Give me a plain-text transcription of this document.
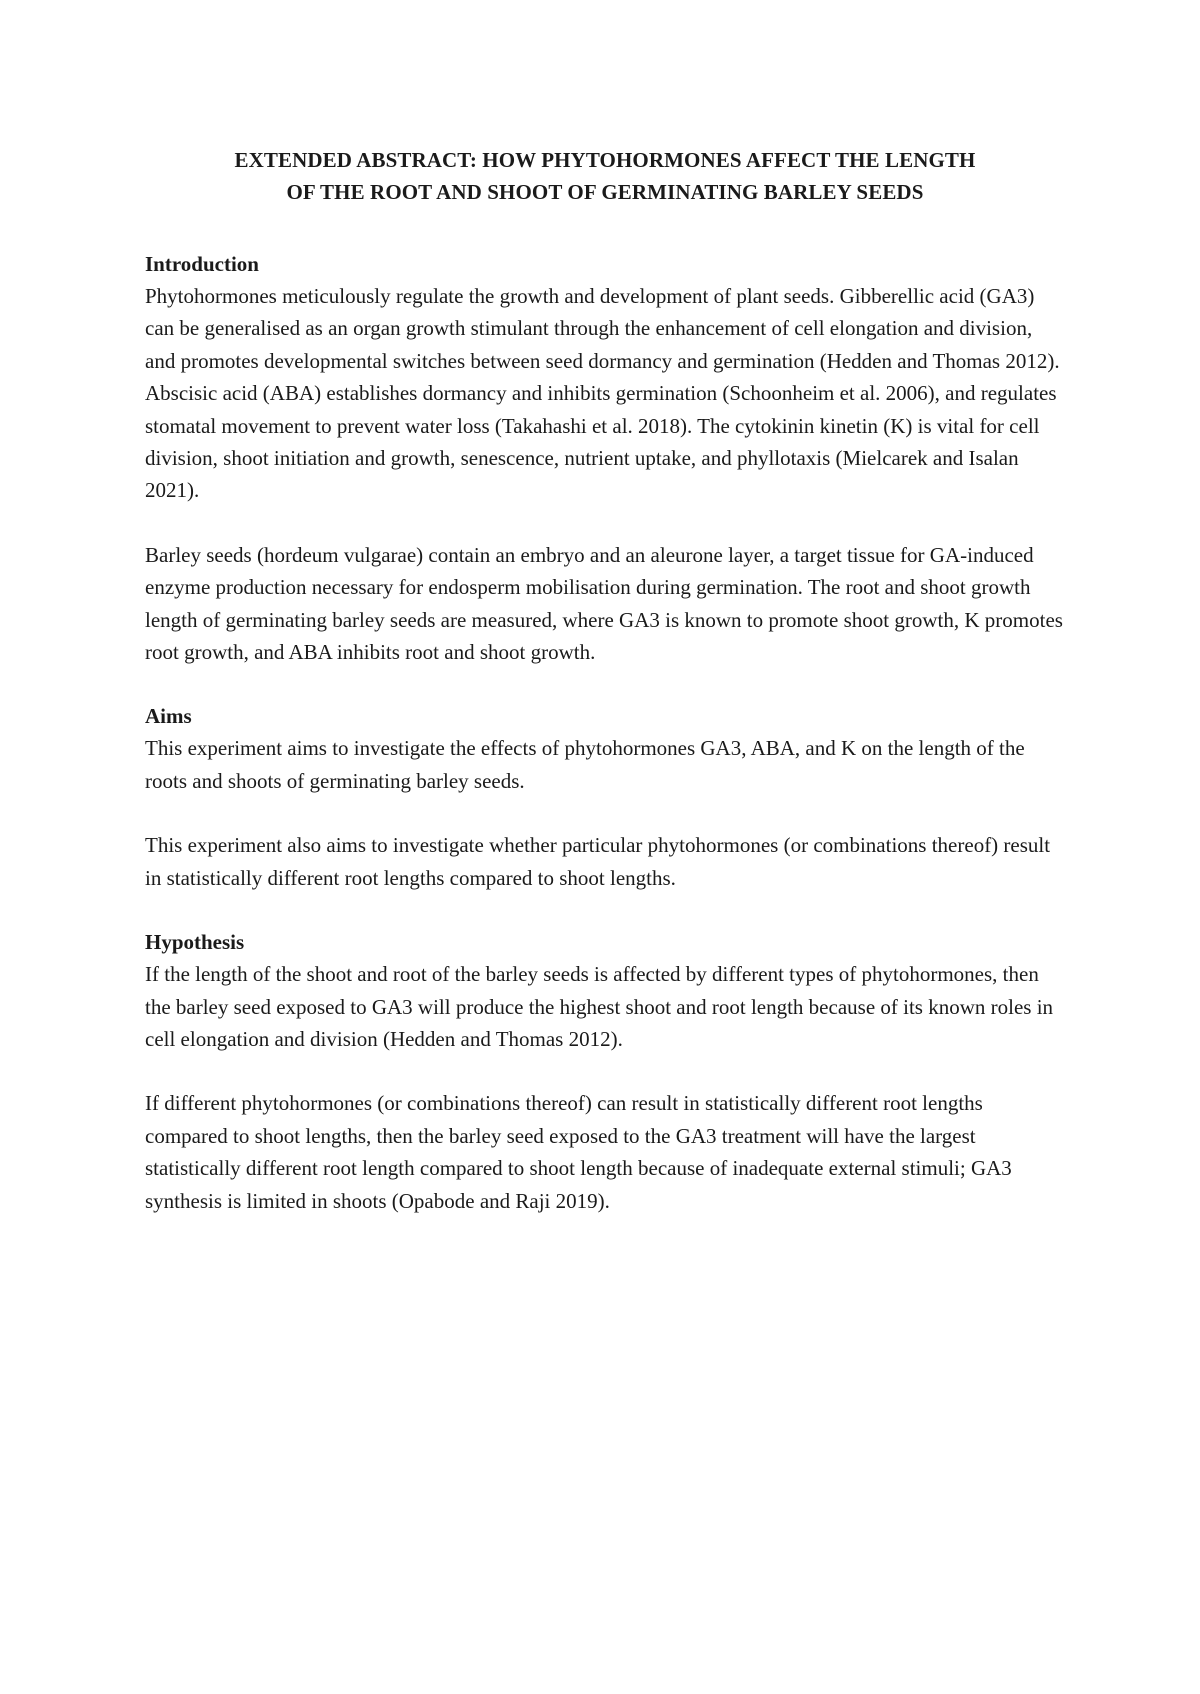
EXTENDED ABSTRACT: HOW PHYTOHORMONES AFFECT THE LENGTH
OF THE ROOT AND SHOOT OF GERMINATING BARLEY SEEDS
Introduction

Phytohormones meticulously regulate the growth and development of plant seeds. Gibberellic acid (GA3) can be generalised as an organ growth stimulant through the enhancement of cell elongation and division, and promotes developmental switches between seed dormancy and germination (Hedden and Thomas 2012). Abscisic acid (ABA) establishes dormancy and inhibits germination (Schoonheim et al. 2006), and regulates stomatal movement to prevent water loss (Takahashi et al. 2018). The cytokinin kinetin (K) is vital for cell division, shoot initiation and growth, senescence, nutrient uptake, and phyllotaxis (Mielcarek and Isalan 2021).

Barley seeds (hordeum vulgarae) contain an embryo and an aleurone layer, a target tissue for GA-induced enzyme production necessary for endosperm mobilisation during germination. The root and shoot growth length of germinating barley seeds are measured, where GA3 is known to promote shoot growth, K promotes root growth, and ABA inhibits root and shoot growth.

Aims

This experiment aims to investigate the effects of phytohormones GA3, ABA, and K on the length of the roots and shoots of germinating barley seeds.

This experiment also aims to investigate whether particular phytohormones (or combinations thereof) result in statistically different root lengths compared to shoot lengths.

Hypothesis

If the length of the shoot and root of the barley seeds is affected by different types of phytohormones, then the barley seed exposed to GA3 will produce the highest shoot and root length because of its known roles in cell elongation and division (Hedden and Thomas 2012).

If different phytohormones (or combinations thereof) can result in statistically different root lengths compared to shoot lengths, then the barley seed exposed to the GA3 treatment will have the largest statistically different root length compared to shoot length because of inadequate external stimuli; GA3 synthesis is limited in shoots (Opabode and Raji 2019).
